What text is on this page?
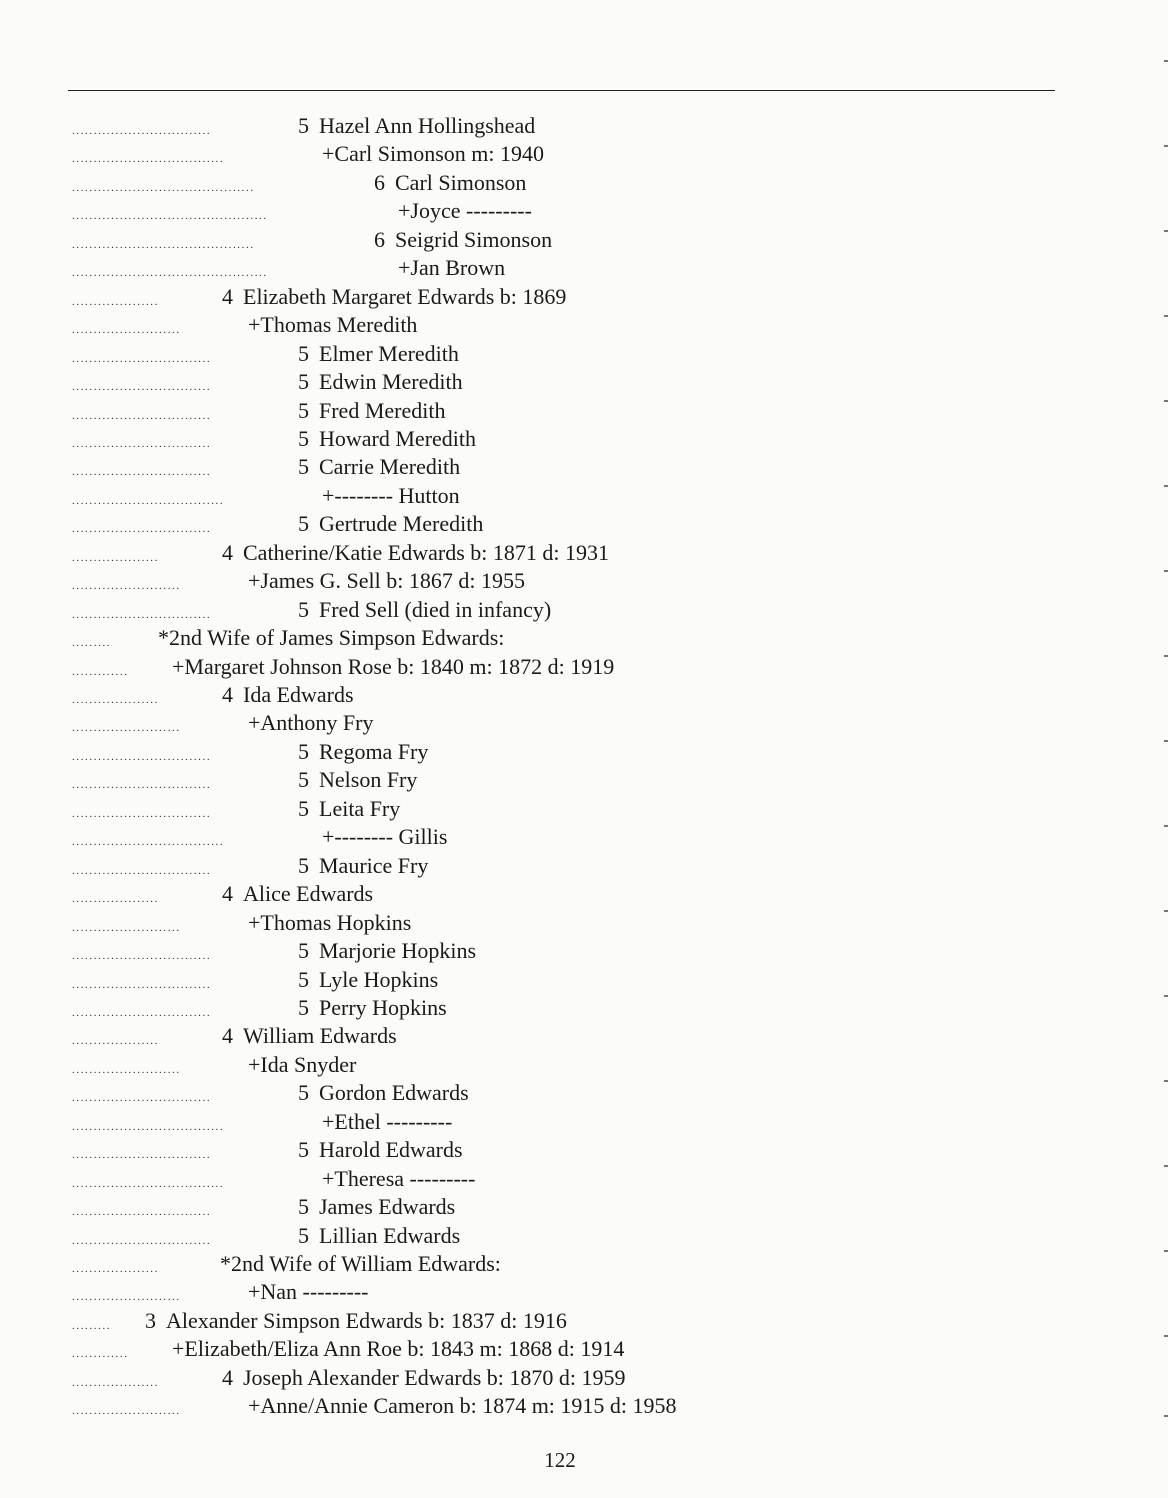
................................	5 Hazel Ann Hollingshead
...................................	+Carl Simonson m: 1940
..........................................	6 Carl Simonson
.............................................	+Joyce ---------
..........................................	6 Seigrid Simonson
.............................................	+Jan Brown
....................	4 Elizabeth Margaret Edwards b: 1869
.........................	+Thomas Meredith
................................	5 Elmer Meredith
................................	5 Edwin Meredith
................................	5 Fred Meredith
................................	5 Howard Meredith
................................	5 Carrie Meredith
...................................	+-------- Hutton
................................	5 Gertrude Meredith
....................	4 Catherine/Katie Edwards b: 1871 d: 1931
.........................	+James G. Sell b: 1867 d: 1955
................................	5 Fred Sell (died in infancy)
.........	*2nd Wife of James Simpson Edwards:
.............	+Margaret Johnson Rose b: 1840 m: 1872 d: 1919
....................	4 Ida Edwards
.........................	+Anthony Fry
................................	5 Regoma Fry
................................	5 Nelson Fry
................................	5 Leita Fry
...................................	+-------- Gillis
................................	5 Maurice Fry
....................	4 Alice Edwards
.........................	+Thomas Hopkins
................................	5 Marjorie Hopkins
................................	5 Lyle Hopkins
................................	5 Perry Hopkins
....................	4 William Edwards
.........................	+Ida Snyder
................................	5 Gordon Edwards
...................................	+Ethel ---------
................................	5 Harold Edwards
...................................	+Theresa ---------
................................	5 James Edwards
................................	5 Lillian Edwards
....................	*2nd Wife of William Edwards:
.........................	+Nan ---------
.........	3 Alexander Simpson Edwards b: 1837 d: 1916
.............	+Elizabeth/Eliza Ann Roe b: 1843 m: 1868 d: 1914
....................	4 Joseph Alexander Edwards b: 1870 d: 1959
.........................	+Anne/Annie Cameron b: 1874 m: 1915 d: 1958
122
